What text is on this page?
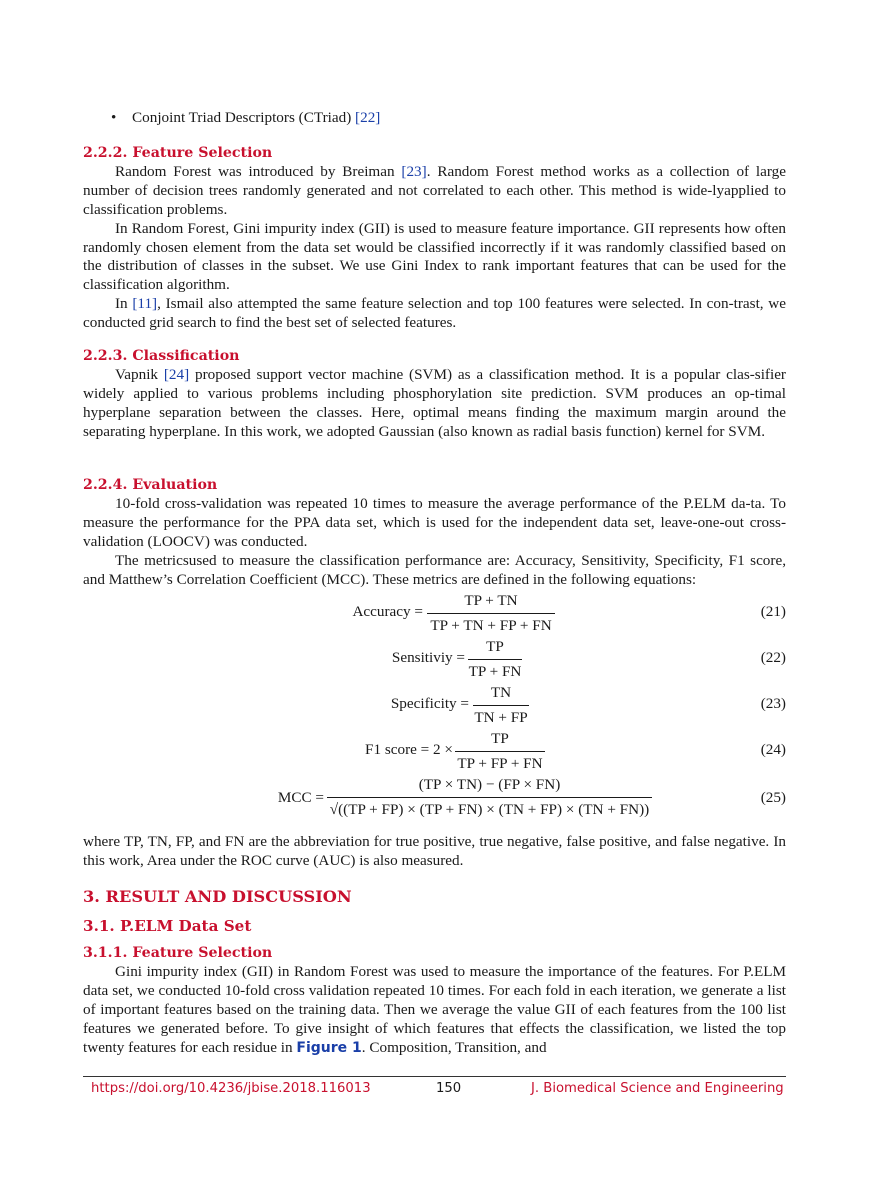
• Conjoint Triad Descriptors (CTriad) [22]

2.2.2. Feature Selection

Random Forest was introduced by Breiman [23]. Random Forest method works as a collection of large number of decision trees randomly generated and not correlated to each other. This method is wide-lyapplied to classification problems.

In Random Forest, Gini impurity index (GII) is used to measure feature importance. GII represents how often randomly chosen element from the data set would be classified incorrectly if it was randomly classified based on the distribution of classes in the subset. We use Gini Index to rank important features that can be used for the classification algorithm.

In [11], Ismail also attempted the same feature selection and top 100 features were selected. In con-trast, we conducted grid search to find the best set of selected features.

2.2.3. Classification

Vapnik [24] proposed support vector machine (SVM) as a classification method. It is a popular clas-sifier widely applied to various problems including phosphorylation site prediction. SVM produces an op-timal hyperplane separation between the classes. Here, optimal means finding the maximum margin around the separating hyperplane. In this work, we adopted Gaussian (also known as radial basis function) kernel for SVM.

2.2.4. Evaluation

10-fold cross-validation was repeated 10 times to measure the average performance of the P.ELM da-ta. To measure the performance for the PPA data set, which is used for the independent data set, leave-one-out cross-validation (LOOCV) was conducted.

The metricsused to measure the classification performance are: Accuracy, Sensitivity, Specificity, F1 score, and Matthew’s Correlation Coefficient (MCC). These metrics are defined in the following equations:

Accuracy =
TP + TN
TP + TN + FP + FN
(21)
Sensitiviy =
TP
TP + FN
(22)
Specificity =
TN
TN + FP
(23)
F1 score = 2 ×
TP
TP + FP + FN
(24)
MCC =
(TP × TN) − (FP × FN)
√((TP + FP) × (TP + FN) × (TN + FP) × (TN + FN))
(25)

where TP, TN, FP, and FN are the abbreviation for true positive, true negative, false positive, and false negative. In this work, Area under the ROC curve (AUC) is also measured.

3. RESULT AND DISCUSSION

3.1. P.ELM Data Set

3.1.1. Feature Selection

Gini impurity index (GII) in Random Forest was used to measure the importance of the features. For P.ELM data set, we conducted 10-fold cross validation repeated 10 times. For each fold in each iteration, we generate a list of important features based on the training data. Then we average the value GII of each features from the 100 list features we generated before. To give insight of which features that effects the classification, we listed the top twenty features for each residue in Figure 1. Composition, Transition, and

https://doi.org/10.4236/jbise.2018.116013	150	J. Biomedical Science and Engineering
